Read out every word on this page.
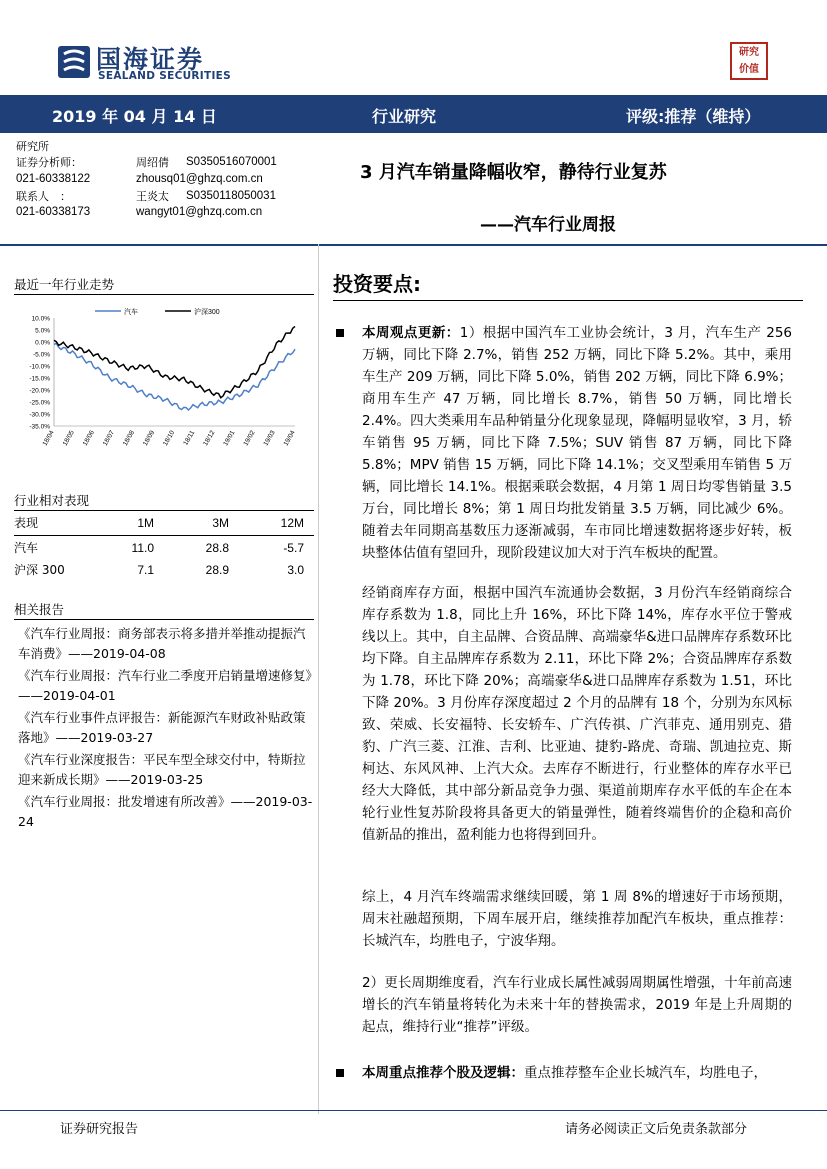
国海证券
SEALAND SECURITIES
研究
价值
2019 年 04 月 14 日	行业研究	评级:推荐（维持）
研究所
证券分析师：	周绍倩 S0350516070001
021-60338122	zhousq01@ghzq.com.cn
联系人　：	王炎太 S0350118050031
021-60338173	wangyt01@ghzq.com.cn
3 月汽车销量降幅收窄，静待行业复苏
——汽车行业周报
最近一年行业走势
汽车	沪深300
10.0%
5.0%
0.0%
-5.0%
-10.0%
-15.0%
-20.0%
-25.0%
-30.0%
-35.0%
18/04 18/05 18/06 18/07 18/08 18/09 18/10 18/11 18/12 19/01 19/02 19/03 19/04
行业相对表现
表现	1M	3M	12M
汽车	11.0	28.8	-5.7
沪深 300	7.1	28.9	3.0
相关报告
《汽车行业周报：商务部表示将多措并举推动提振汽车消费》——2019-04-08
《汽车行业周报：汽车行业二季度开启销量增速修复》——2019-04-01
《汽车行业事件点评报告：新能源汽车财政补贴政策落地》——2019-03-27
《汽车行业深度报告：平民车型全球交付中，特斯拉迎来新成长期》——2019-03-25
《汽车行业周报：批发增速有所改善》——2019-03-24
投资要点:
本周观点更新：1）根据中国汽车工业协会统计，3 月，汽车生产 256 万辆，同比下降 2.7%，销售 252 万辆，同比下降 5.2%。其中，乘用车生产 209 万辆，同比下降 5.0%，销售 202 万辆，同比下降 6.9%；商用车生产 47 万辆，同比增长 8.7%，销售 50 万辆，同比增长 2.4%。四大类乘用车品种销量分化现象显现，降幅明显收窄，3 月，轿车销售 95 万辆，同比下降 7.5%；SUV 销售 87 万辆，同比下降 5.8%；MPV 销售 15 万辆，同比下降 14.1%；交叉型乘用车销售 5 万辆，同比增长 14.1%。根据乘联会数据，4 月第 1 周日均零售销量 3.5 万台，同比增长 8%；第 1 周日均批发销量 3.5 万辆，同比减少 6%。随着去年同期高基数压力逐渐减弱，车市同比增速数据将逐步好转，板块整体估值有望回升，现阶段建议加大对于汽车板块的配置。
经销商库存方面，根据中国汽车流通协会数据，3 月份汽车经销商综合库存系数为 1.8，同比上升 16%，环比下降 14%，库存水平位于警戒线以上。其中，自主品牌、合资品牌、高端豪华&进口品牌库存系数环比均下降。自主品牌库存系数为 2.11，环比下降 2%；合资品牌库存系数为 1.78，环比下降 20%；高端豪华&进口品牌库存系数为 1.51，环比下降 20%。3 月份库存深度超过 2 个月的品牌有 18 个，分别为东风标致、荣威、长安福特、长安轿车、广汽传祺、广汽菲克、通用别克、猎豹、广汽三菱、江淮、吉利、比亚迪、捷豹-路虎、奇瑞、凯迪拉克、斯柯达、东风风神、上汽大众。去库存不断进行，行业整体的库存水平已经大大降低，其中部分新品竞争力强、渠道前期库存水平低的车企在本轮行业性复苏阶段将具备更大的销量弹性，随着终端售价的企稳和高价值新品的推出，盈利能力也将得到回升。
综上，4 月汽车终端需求继续回暖，第 1 周 8%的增速好于市场预期，周末社融超预期，下周车展开启，继续推荐加配汽车板块，重点推荐：长城汽车，均胜电子，宁波华翔。
2）更长周期维度看，汽车行业成长属性减弱周期属性增强，十年前高速增长的汽车销量将转化为未来十年的替换需求，2019 年是上升周期的起点，维持行业“推荐”评级。
本周重点推荐个股及逻辑：重点推荐整车企业长城汽车，均胜电子，
证券研究报告	请务必阅读正文后免责条款部分
